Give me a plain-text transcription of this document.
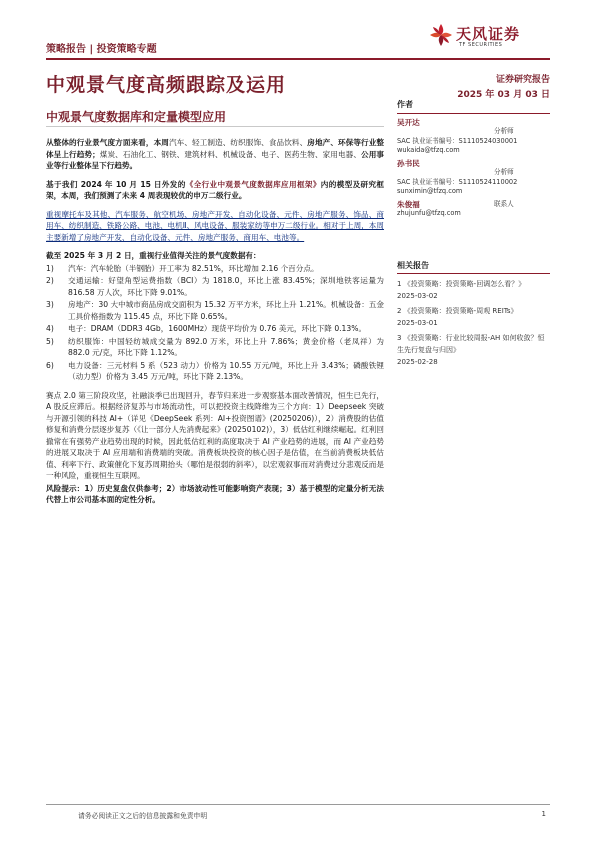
策略报告 | 投资策略专题
天风证券
TF SECURITIES
中观景气度高频跟踪及运用	证券研究报告
2025 年 03 月 03 日
中观景气度数据库和定量模型应用

从整体的行业景气度方面来看，本周汽车、轻工制造、纺织服饰、食品饮料、房地产、环保等行业整体呈上行趋势；煤炭、石油化工、钢铁、建筑材料、机械设备、电子、医药生物、家用电器、公用事业等行业整体呈下行趋势。

基于我们 2024 年 10 月 15 日外发的《全行业中观景气度数据库应用框架》内的模型及研究框架，本周，我们预测了未来 4 周表现较优的申万二级行业。

重视摩托车及其他、汽车服务、航空机场、房地产开发、自动化设备、元件、房地产服务、饰品、商用车、纺织制造、铁路公路、电池、电机Ⅱ、风电设备、服装家纺等申万二级行业。相对于上周，本周主要新增了房地产开发、自动化设备、元件、房地产服务、商用车、电池等。

截至 2025 年 3 月 2 日，重视行业值得关注的景气度数据有：

1)	汽车：汽车轮胎（半钢胎）开工率为 82.51%，环比增加 2.16 个百分点。
2)	交通运输：好望角型运费指数（BCI）为 1818.0，环比上涨 83.45%；深圳地铁客运量为 816.58 万人次，环比下降 9.01%。
3)	房地产：30 大中城市商品房成交面积为 15.32 万平方米，环比上升 1.21%。机械设备：五金工具价格指数为 115.45 点，环比下降 0.65%。
4)	电子：DRAM（DDR3 4Gb，1600MHz）现货平均价为 0.76 美元，环比下降 0.13%。
5)	纺织服饰：中国轻纺城成交量为 892.0 万米，环比上升 7.86%；黄金价格（老凤祥）为 882.0 元/克，环比下降 1.12%。
6)	电力设备：三元材料 5 系（523 动力）价格为 10.55 万元/吨，环比上升 3.43%；磷酸铁锂（动力型）价格为 3.45 万元/吨，环比下降 2.13%。

赛点 2.0 第三阶段攻坚，社融淡季已出现回升，春节归来进一步观察基本面改善情况，恒生已先行，A 股反应滞后。根据经济复苏与市场流动性，可以把投资主线降维为三个方向：1）Deepseek 突破与开源引领的科技 AI+（详见《DeepSeek 系列：AI+投资图谱》(20250206)），2）消费股的估值修复和消费分层逐步复苏（《让一部分人先消费起来》(20250102)），3）低估红利继续崛起。红利回撤常在有强势产业趋势出现的时候，因此低估红利的高度取决于 AI 产业趋势的进展，而 AI 产业趋势的进展又取决于 AI 应用端和消费端的突破。消费板块投资的核心因子是估值，在当前消费板块低估值、利率下行、政策催化下复苏周期抬头（哪怕是很弱的斜率），以宏观叙事而对消费过分悲观反而是一种风险，重视恒生互联网。

风险提示：1）历史复盘仅供参考；2）市场波动性可能影响资产表现；3）基于模型的定量分析无法代替上市公司基本面的定性分析。

作者
吴开达
分析师
SAC 执业证书编号：S1110524030001
wukaida@tfzq.com
孙书民
分析师
SAC 执业证书编号：S1110524110002
sunximin@tfzq.com
朱俊福	联系人
zhujunfu@tfzq.com
相关报告
1 《投资策略：投资策略-回调怎么看？》
2025-03-02
2 《投资策略：投资策略-周观 REITs》
2025-03-01
3 《投资策略：行业比较周报-AH 如何收敛？恒生先行复盘与归因》
2025-02-28
请务必阅读正文之后的信息披露和免责申明	1
